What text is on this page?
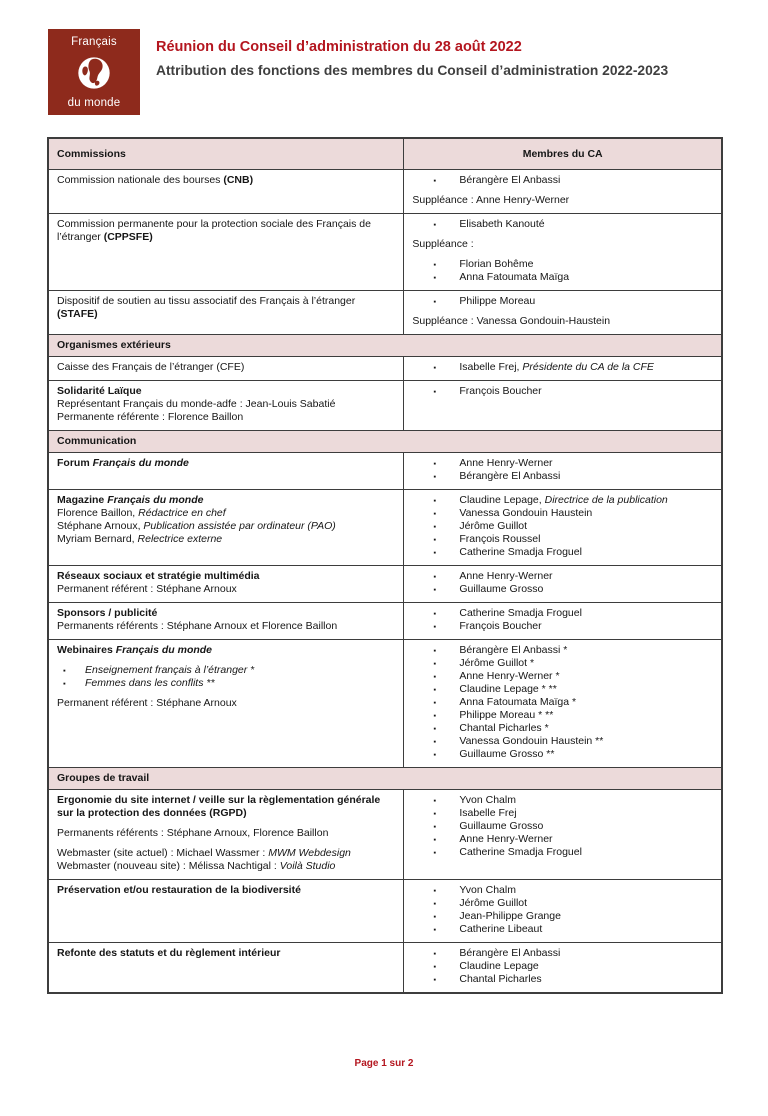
Français
du monde
Réunion du Conseil d’administration du 28 août 2022
Attribution des fonctions des membres du Conseil d’administration 2022-2023
Commissions	Membres du CA

Commission nationale des bourses (CNB)	▪ Bérangère El Anbassi
Suppléance : Anne Henry-Werner

Commission permanente pour la protection sociale des Français de l’étranger (CPPSFE)

▪	Elisabeth Kanouté
Suppléance :
▪	Florian Bohême
▪	Anna Fatoumata Maïga

Dispositif de soutien au tissu associatif des Français à l’étranger (STAFE)	▪ Philippe Moreau
Suppléance : Vanessa Gondouin-Haustein

Organismes extérieurs	

Caisse des Français de l’étranger (CFE)	▪ Isabelle Frej, Présidente du CA de la CFE

Solidarité Laïque
Représentant Français du monde-adfe : Jean-Louis Sabatié
Permanente référente : Florence Baillon

▪	François Boucher

Communication	

Forum Français du monde	▪ Anne Henry-Werner
▪ Bérangère El Anbassi

Magazine Français du monde
Florence Baillon, Rédactrice en chef
Stéphane Arnoux, Publication assistée par ordinateur (PAO)
Myriam Bernard, Relectrice externe

▪	Claudine Lepage, Directrice de la publication
▪	Vanessa Gondouin Haustein
▪	Jérôme Guillot
▪	François Roussel
▪	Catherine Smadja Froguel

Réseaux sociaux et stratégie multimédia
Permanent référent : Stéphane Arnoux

▪	Anne Henry-Werner
▪	Guillaume Grosso

Sponsors / publicité
Permanents référents : Stéphane Arnoux et Florence Baillon

▪	Catherine Smadja Froguel
▪	François Boucher

Webinaires Français du monde
▪	Enseignement français à l’étranger *
▪	Femmes dans les conflits **
Permanent référent : Stéphane Arnoux

▪	Bérangère El Anbassi *
▪	Jérôme Guillot *
▪	Anne Henry-Werner *
▪	Claudine Lepage * **
▪	Anna Fatoumata Maïga *
▪	Philippe Moreau * **
▪	Chantal Picharles *
▪	Vanessa Gondouin Haustein **
▪	Guillaume Grosso **

Groupes de travail	

Ergonomie du site internet / veille sur la règlementation générale sur la protection des données (RGPD)
Permanents référents : Stéphane Arnoux, Florence Baillon
Webmaster (site actuel) : Michael Wassmer : MWM Webdesign
Webmaster (nouveau site) : Mélissa Nachtigal : Voilà Studio

▪	Yvon Chalm
▪	Isabelle Frej
▪	Guillaume Grosso
▪	Anne Henry-Werner
▪	Catherine Smadja Froguel

Préservation et/ou restauration de la biodiversité	▪	Yvon Chalm
▪	Jérôme Guillot
▪	Jean-Philippe Grange
▪	Catherine Libeaut

Refonte des statuts et du règlement intérieur	▪	Bérangère El Anbassi
▪	Claudine Lepage
▪	Chantal Picharles
Page 1 sur 2
